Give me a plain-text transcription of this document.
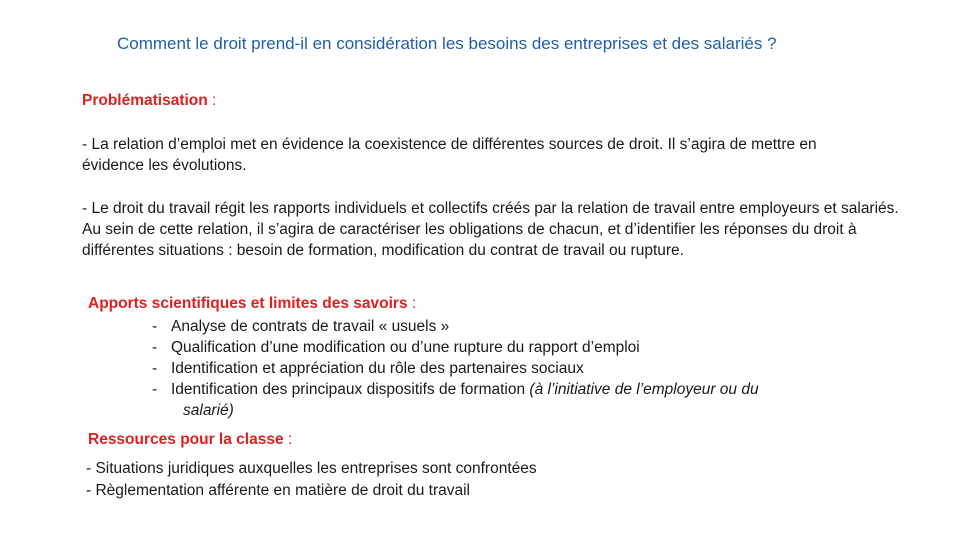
Comment le droit prend-il en considération les besoins des entreprises et des salariés ?
Problématisation :
- La relation d’emploi met en évidence la coexistence de différentes sources de droit. Il s’agira de mettre en évidence les évolutions.
- Le droit du travail régit les rapports individuels et collectifs créés par la relation de travail entre employeurs et salariés. Au sein de cette relation, il s’agira de caractériser les obligations de chacun, et d’identifier les réponses du droit à différentes situations : besoin de formation, modification du contrat de travail ou rupture.
Apports scientifiques et limites des savoirs :
- Analyse de contrats de travail « usuels »
- Qualification d’une modification ou d’une rupture du rapport d’emploi
- Identification et appréciation du rôle des partenaires sociaux
- Identification des principaux dispositifs de formation (à l’initiative de l’employeur ou du
salarié)
Ressources pour la classe :
- Situations juridiques auxquelles les entreprises sont confrontées
- Règlementation afférente en matière de droit du travail
